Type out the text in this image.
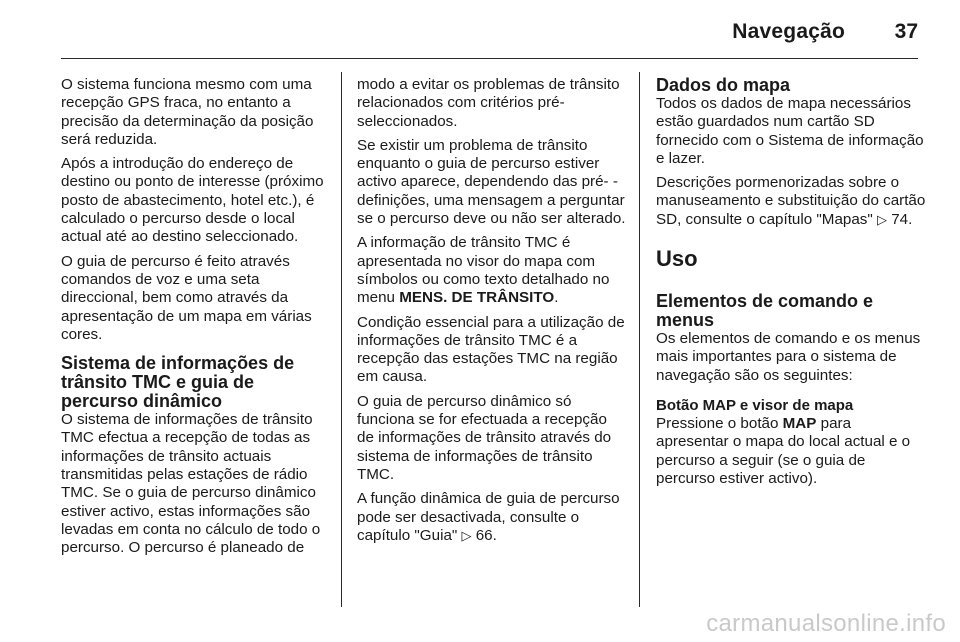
Navegação 37

O sistema funciona mesmo com uma recepção GPS fraca, no entanto a precisão da determinação da posição será reduzida.

Após a introdução do endereço de destino ou ponto de interesse (próximo posto de abastecimento, hotel etc.), é calculado o percurso desde o local actual até ao destino seleccionado.

O guia de percurso é feito através comandos de voz e uma seta direccional, bem como através da apresentação de um mapa em várias cores.

Sistema de informações de trânsito TMC e guia de percurso dinâmico

O sistema de informações de trânsito TMC efectua a recepção de todas as informações de trânsito actuais transmitidas pelas estações de rádio TMC. Se o guia de percurso dinâmico estiver activo, estas informações são levadas em conta no cálculo de todo o percurso. O percurso é planeado de

modo a evitar os problemas de trânsito relacionados com critérios pré-seleccionados.

Se existir um problema de trânsito enquanto o guia de percurso estiver activo aparece, dependendo das pré- -definições, uma mensagem a perguntar se o percurso deve ou não ser alterado.

A informação de trânsito TMC é apresentada no visor do mapa com símbolos ou como texto detalhado no menu MENS. DE TRÂNSITO.

Condição essencial para a utilização de informações de trânsito TMC é a recepção das estações TMC na região em causa.

O guia de percurso dinâmico só funciona se for efectuada a recepção de informações de trânsito através do sistema de informações de trânsito TMC.

A função dinâmica de guia de percurso pode ser desactivada, consulte o capítulo "Guia" ▷ 66.

Dados do mapa

Todos os dados de mapa necessários estão guardados num cartão SD fornecido com o Sistema de informação e lazer.

Descrições pormenorizadas sobre o manuseamento e substituição do cartão SD, consulte o capítulo "Mapas" ▷ 74.

Uso
Elementos de comando e menus

Os elementos de comando e os menus mais importantes para o sistema de navegação são os seguintes:

Botão MAP e visor de mapa

Pressione o botão MAP para apresentar o mapa do local actual e o percurso a seguir (se o guia de percurso estiver activo).

carmanualsonline.info
